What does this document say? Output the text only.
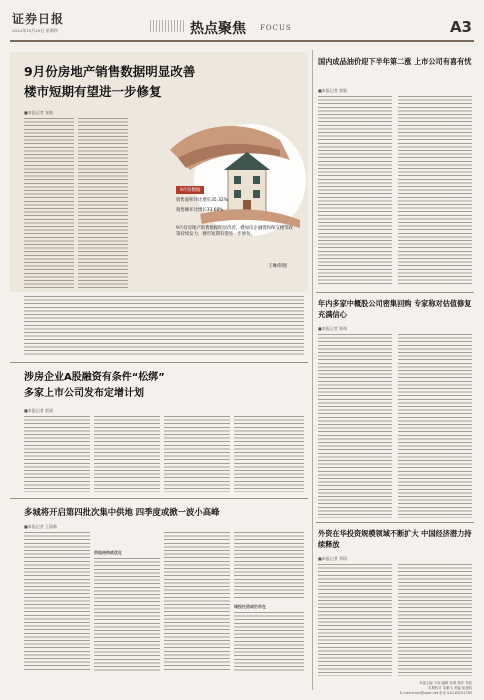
证券日报
2022年10月20日 星期四	热点聚焦 FOCUS	A3
9月份房地产销售数据明显改善
楼市短期有望进一步修复
■本报记者 张敏
9月份数据
销售面积环比增长35.32%
销售额环比增长33.68%
9月份房地产销售数据明显改善，叠加房企融资和保交楼等政策持续发力，楼市短期有望进一步修复。
王琳/制图
国内成品油价迎下半年第二涨 上市公司有喜有忧
■本报记者 张敏
年内多家中概股公司密集回购 专家称对估值修复充满信心
■本报记者 邢萌
外资在华投资规模领域不断扩大 中国经济潜力持续释放
■本报记者 刘琪
涉房企业A股融资有条件“松绑”
多家上市公司发布定增计划
■本报记者 贾丽
多城将开启第四批次集中供地 四季度或掀一波小高峰
■本报记者 王丽新
供地结构或优化
城投托底或仍存在
本版主编 于南 编辑 孙晨 制作 李波
本期校对 宋鹏飞 美编 崔建岐
E-mail:zmzx@zqrb.net 电话 010-83251785
